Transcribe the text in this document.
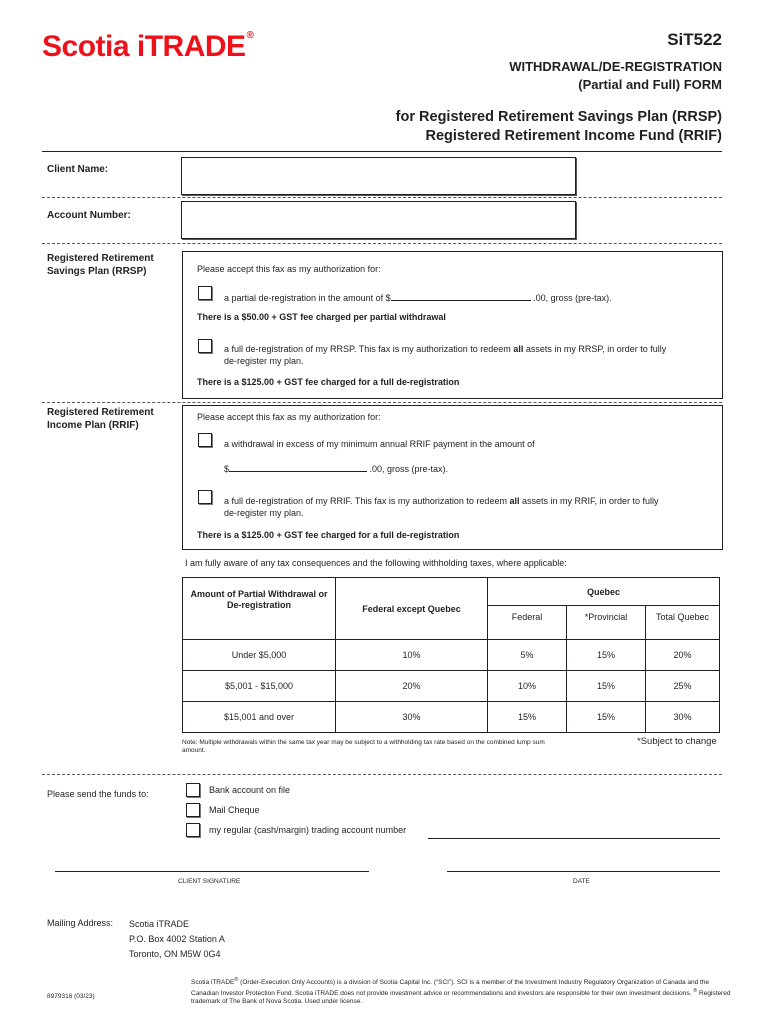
Scotia iTRADE®	SiT522
WITHDRAWAL/DE-REGISTRATION
(Partial and Full) FORM
for Registered Retirement Savings Plan (RRSP)
Registered Retirement Income Fund (RRIF)
Client Name:
Account Number:
Registered Retirement Savings Plan (RRSP)	Please accept this fax as my authorization for:
a partial de-registration in the amount of $	.00, gross (pre-tax).
There is a $50.00 + GST fee charged per partial withdrawal
a full de-registration of my RRSP. This fax is my authorization to redeem all assets in my RRSP, in order to fully
de-register my plan.
There is a $125.00 + GST fee charged for a full de-registration
Registered Retirement Income Plan (RRIF)
Please accept this fax as my authorization for:
a withdrawal in excess of my minimum annual RRIF payment in the amount of
$	.00, gross (pre-tax).
a full de-registration of my RRIF. This fax is my authorization to redeem all assets in my RRIF, in order to fully
de-register my plan.
There is a $125.00 + GST fee charged for a full de-registration
I am fully aware of any tax consequences and the following withholding taxes, where applicable:
Amount of Partial Withdrawal or De-registration	Federal except Quebec	Quebec		
		Federal	*Provincial	Total Quebec
Under $5,000	10%	5%	15%	20%
$5,001 - $15,000	20%	10%	15%	25%
$15,001 and over	30%	15%	15%	30%
Note: Multiple withdrawals within the same tax year may be subject to a withholding tax rate based on the combined lump sum amount.
*Subject to change
Please send the funds to:	Bank account on file
Mail Cheque
my regular (cash/margin) trading account number
CLIENT SIGNATURE	DATE
Mailing Address: Scotia iTRADE
P.O. Box 4002 Station A
Toronto, ON M5W 0G4
8979316 (03/23)
Scotia iTRADE® (Order-Execution Only Accounts) is a division of Scotia Capital Inc. (“SCI”). SCI is a member of the Investment Industry Regulatory Organization of Canada and the Canadian Investor Protection Fund. Scotia iTRADE does not provide investment advice or recommendations and investors are responsible for their own investment decisions. ® Registered trademark of The Bank of Nova Scotia. Used under license.
